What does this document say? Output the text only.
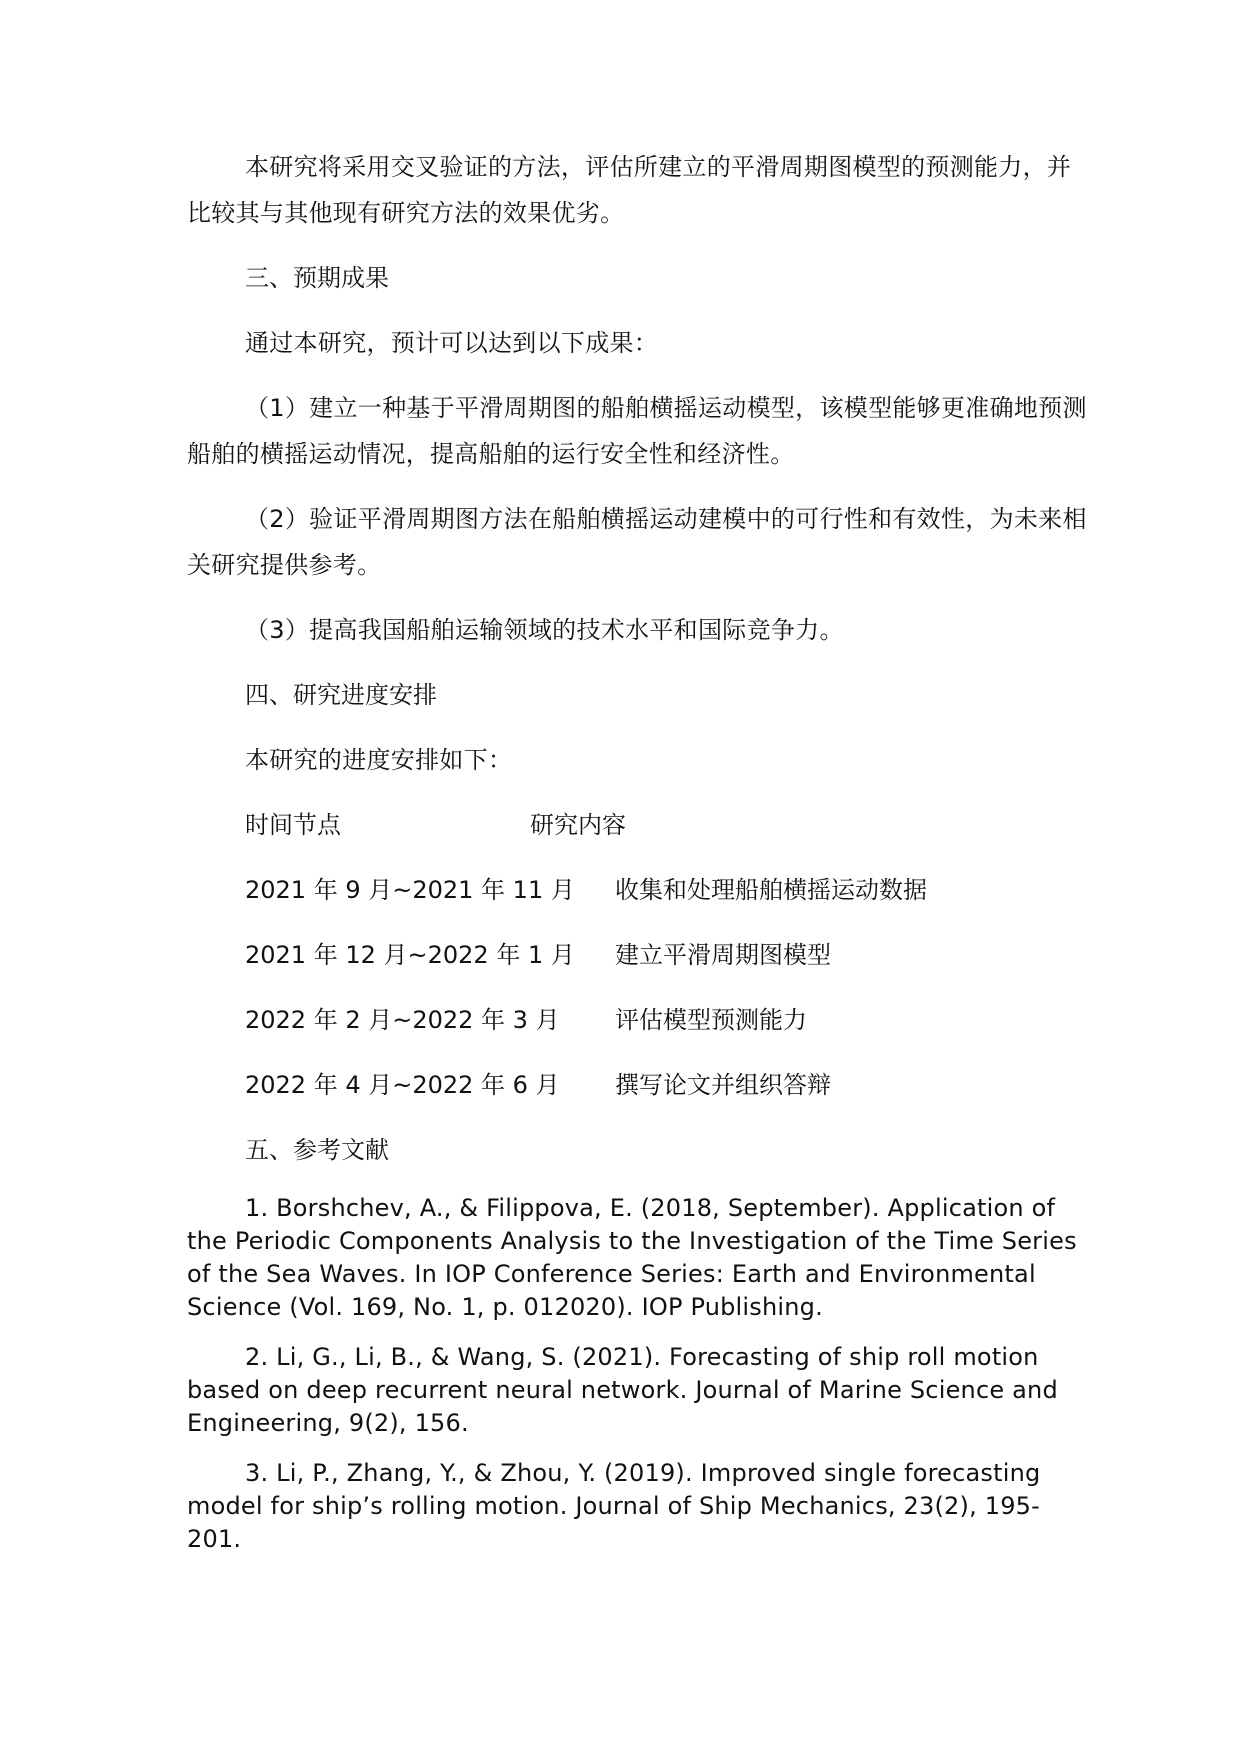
本研究将采用交叉验证的方法，评估所建立的平滑周期图模型的预测能力，并比较其与其他现有研究方法的效果优劣。

三、预期成果

通过本研究，预计可以达到以下成果：

（1）建立一种基于平滑周期图的船舶横摇运动模型，该模型能够更准确地预测船舶的横摇运动情况，提高船舶的运行安全性和经济性。

（2）验证平滑周期图方法在船舶横摇运动建模中的可行性和有效性，为未来相关研究提供参考。

（3）提高我国船舶运输领域的技术水平和国际竞争力。

四、研究进度安排

本研究的进度安排如下：

时间节点	研究内容
2021 年 9 月~2021 年 11 月	收集和处理船舶横摇运动数据
2021 年 12 月~2022 年 1 月	建立平滑周期图模型
2022 年 2 月~2022 年 3 月	评估模型预测能力
2022 年 4 月~2022 年 6 月	撰写论文并组织答辩

五、参考文献

1. Borshchev, A., & Filippova, E. (2018, September). Application of the Periodic Components Analysis to the Investigation of the Time Series of the Sea Waves. In IOP Conference Series: Earth and Environmental Science (Vol. 169, No. 1, p. 012020). IOP Publishing.

2. Li, G., Li, B., & Wang, S. (2021). Forecasting of ship roll motion based on deep recurrent neural network. Journal of Marine Science and Engineering, 9(2), 156.

3. Li, P., Zhang, Y., & Zhou, Y. (2019). Improved single forecasting model for ship’s rolling motion. Journal of Ship Mechanics, 23(2), 195-201.
